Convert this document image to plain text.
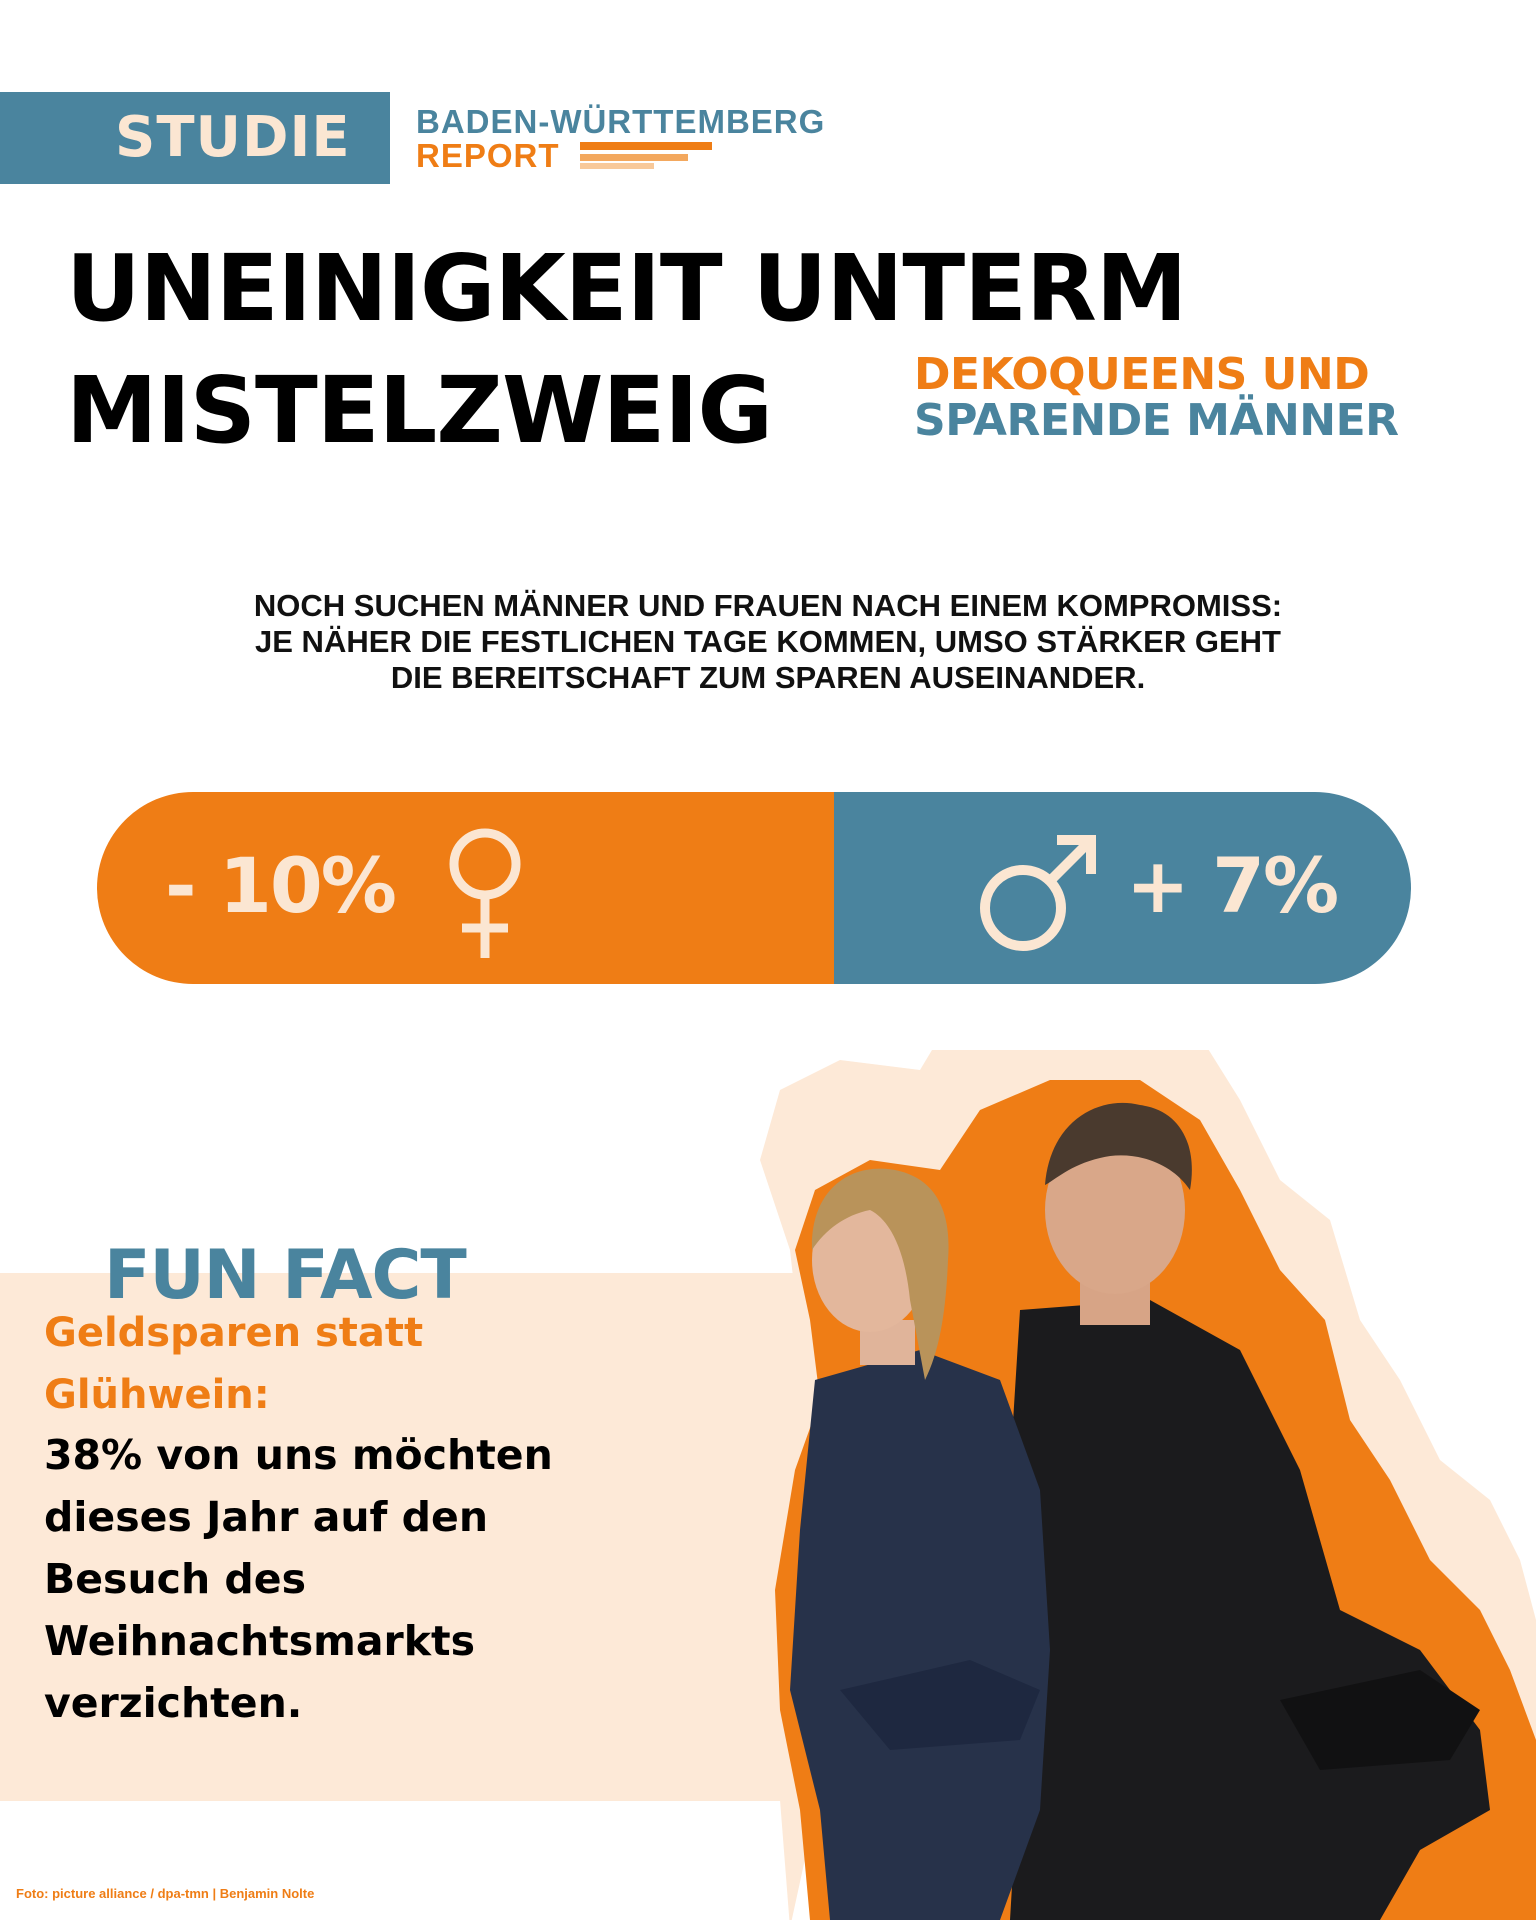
STUDIE BADEN-WÜRTTEMBERG
REPORT
UNEINIGKEIT UNTERM
MISTELZWEIG	DEKOQUEENS UND
SPARENDE MÄNNER
NOCH SUCHEN MÄNNER UND FRAUEN NACH EINEM KOMPROMISS:
JE NÄHER DIE FESTLICHEN TAGE KOMMEN, UMSO STÄRKER GEHT
DIE BEREITSCHAFT ZUM SPAREN AUSEINANDER.
- 10%	+ 7%
FUN FACT
Geldsparen statt
Glühwein:
38% von uns möchten
dieses Jahr auf den
Besuch des
Weihnachtsmarkts
verzichten.
Foto: picture alliance / dpa-tmn | Benjamin Nolte
